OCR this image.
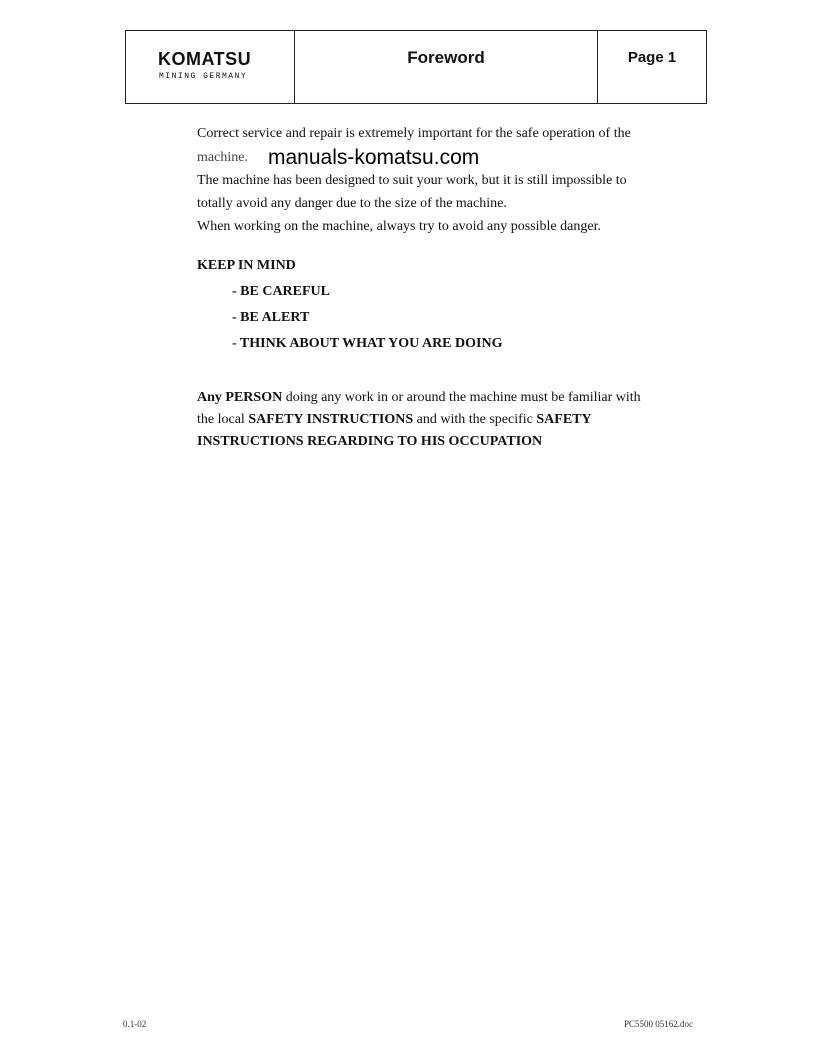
KOMATSU
MINING GERMANY
Foreword	Page 1
Correct service and repair is extremely important for the safe operation of the
machine. manuals-komatsu.com
The machine has been designed to suit your work, but it is still impossible to
totally avoid any danger due to the size of the machine.
When working on the machine, always try to avoid any possible danger.
KEEP IN MIND
- BE CAREFUL
- BE ALERT
- THINK ABOUT WHAT YOU ARE DOING
Any PERSON doing any work in or around the machine must be familiar with
the local SAFETY INSTRUCTIONS and with the specific SAFETY
INSTRUCTIONS REGARDING TO HIS OCCUPATION
0.1-02	PC5500 05162.doc
